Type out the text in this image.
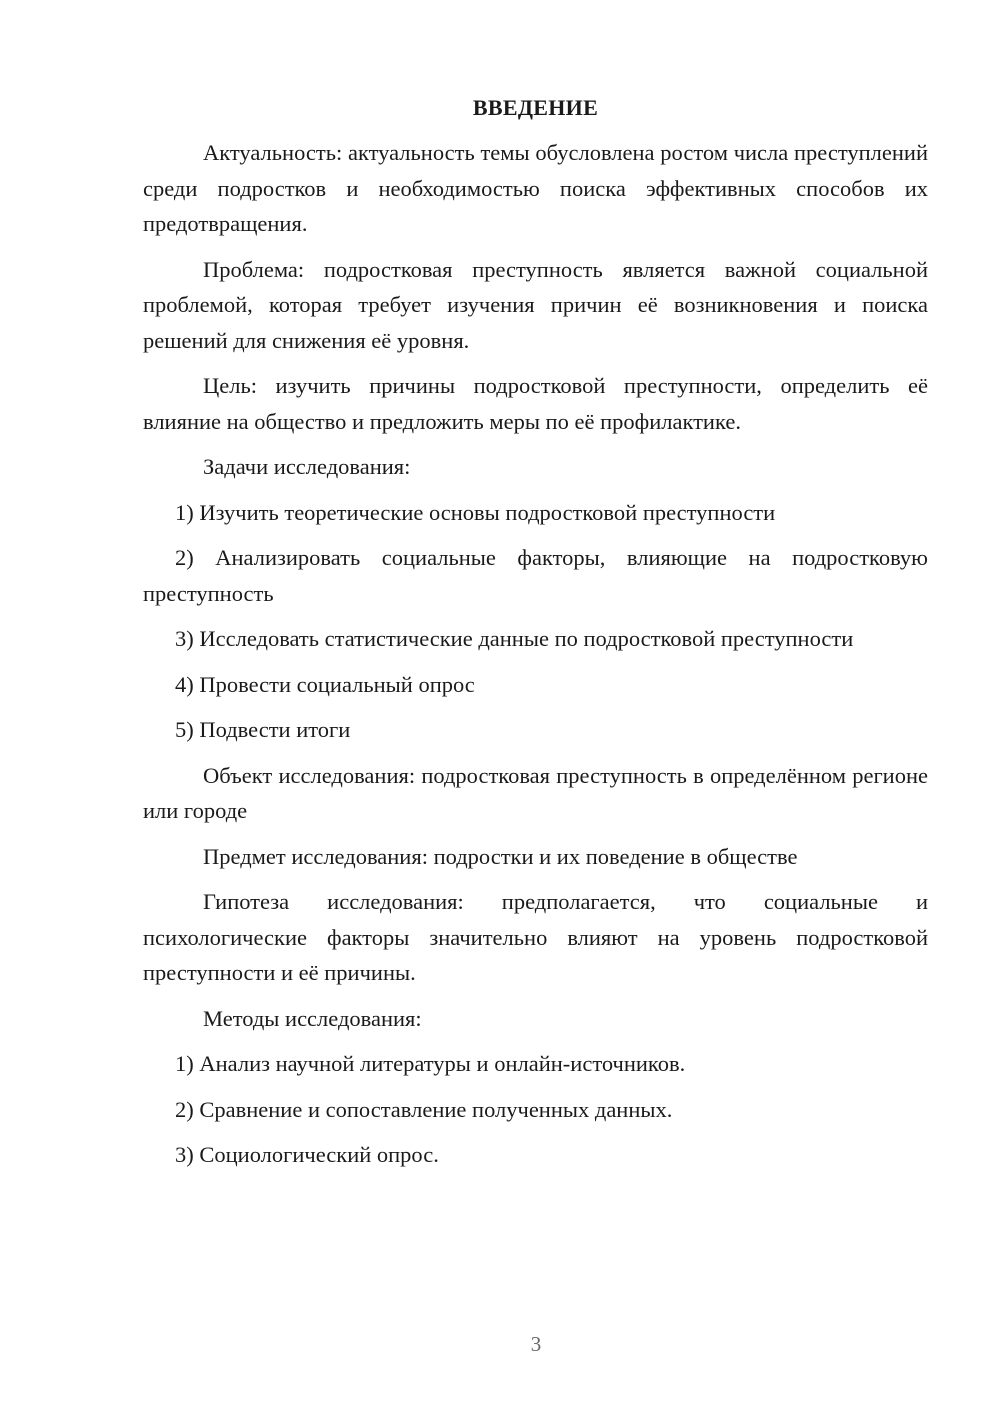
ВВЕДЕНИЕ
Актуальность: актуальность темы обусловлена ростом числа преступлений среди подростков и необходимостью поиска эффективных способов их предотвращения.
Проблема: подростковая преступность является важной социальной проблемой, которая требует изучения причин её возникновения и поиска решений для снижения её уровня.
Цель: изучить причины подростковой преступности, определить её влияние на общество и предложить меры по её профилактике.
Задачи исследования:
1) Изучить теоретические основы подростковой преступности
2) Анализировать социальные факторы, влияющие на подростковую преступность
3) Исследовать статистические данные по подростковой преступности
4) Провести социальный опрос
5) Подвести итоги
Объект исследования: подростковая преступность в определённом регионе или городе
Предмет исследования: подростки и их поведение в обществе
Гипотеза исследования: предполагается, что социальные и психологические факторы значительно влияют на уровень подростковой преступности и её причины.
Методы исследования:
1) Анализ научной литературы и онлайн-источников.
2) Сравнение и сопоставление полученных данных.
3) Социологический опрос.
3
